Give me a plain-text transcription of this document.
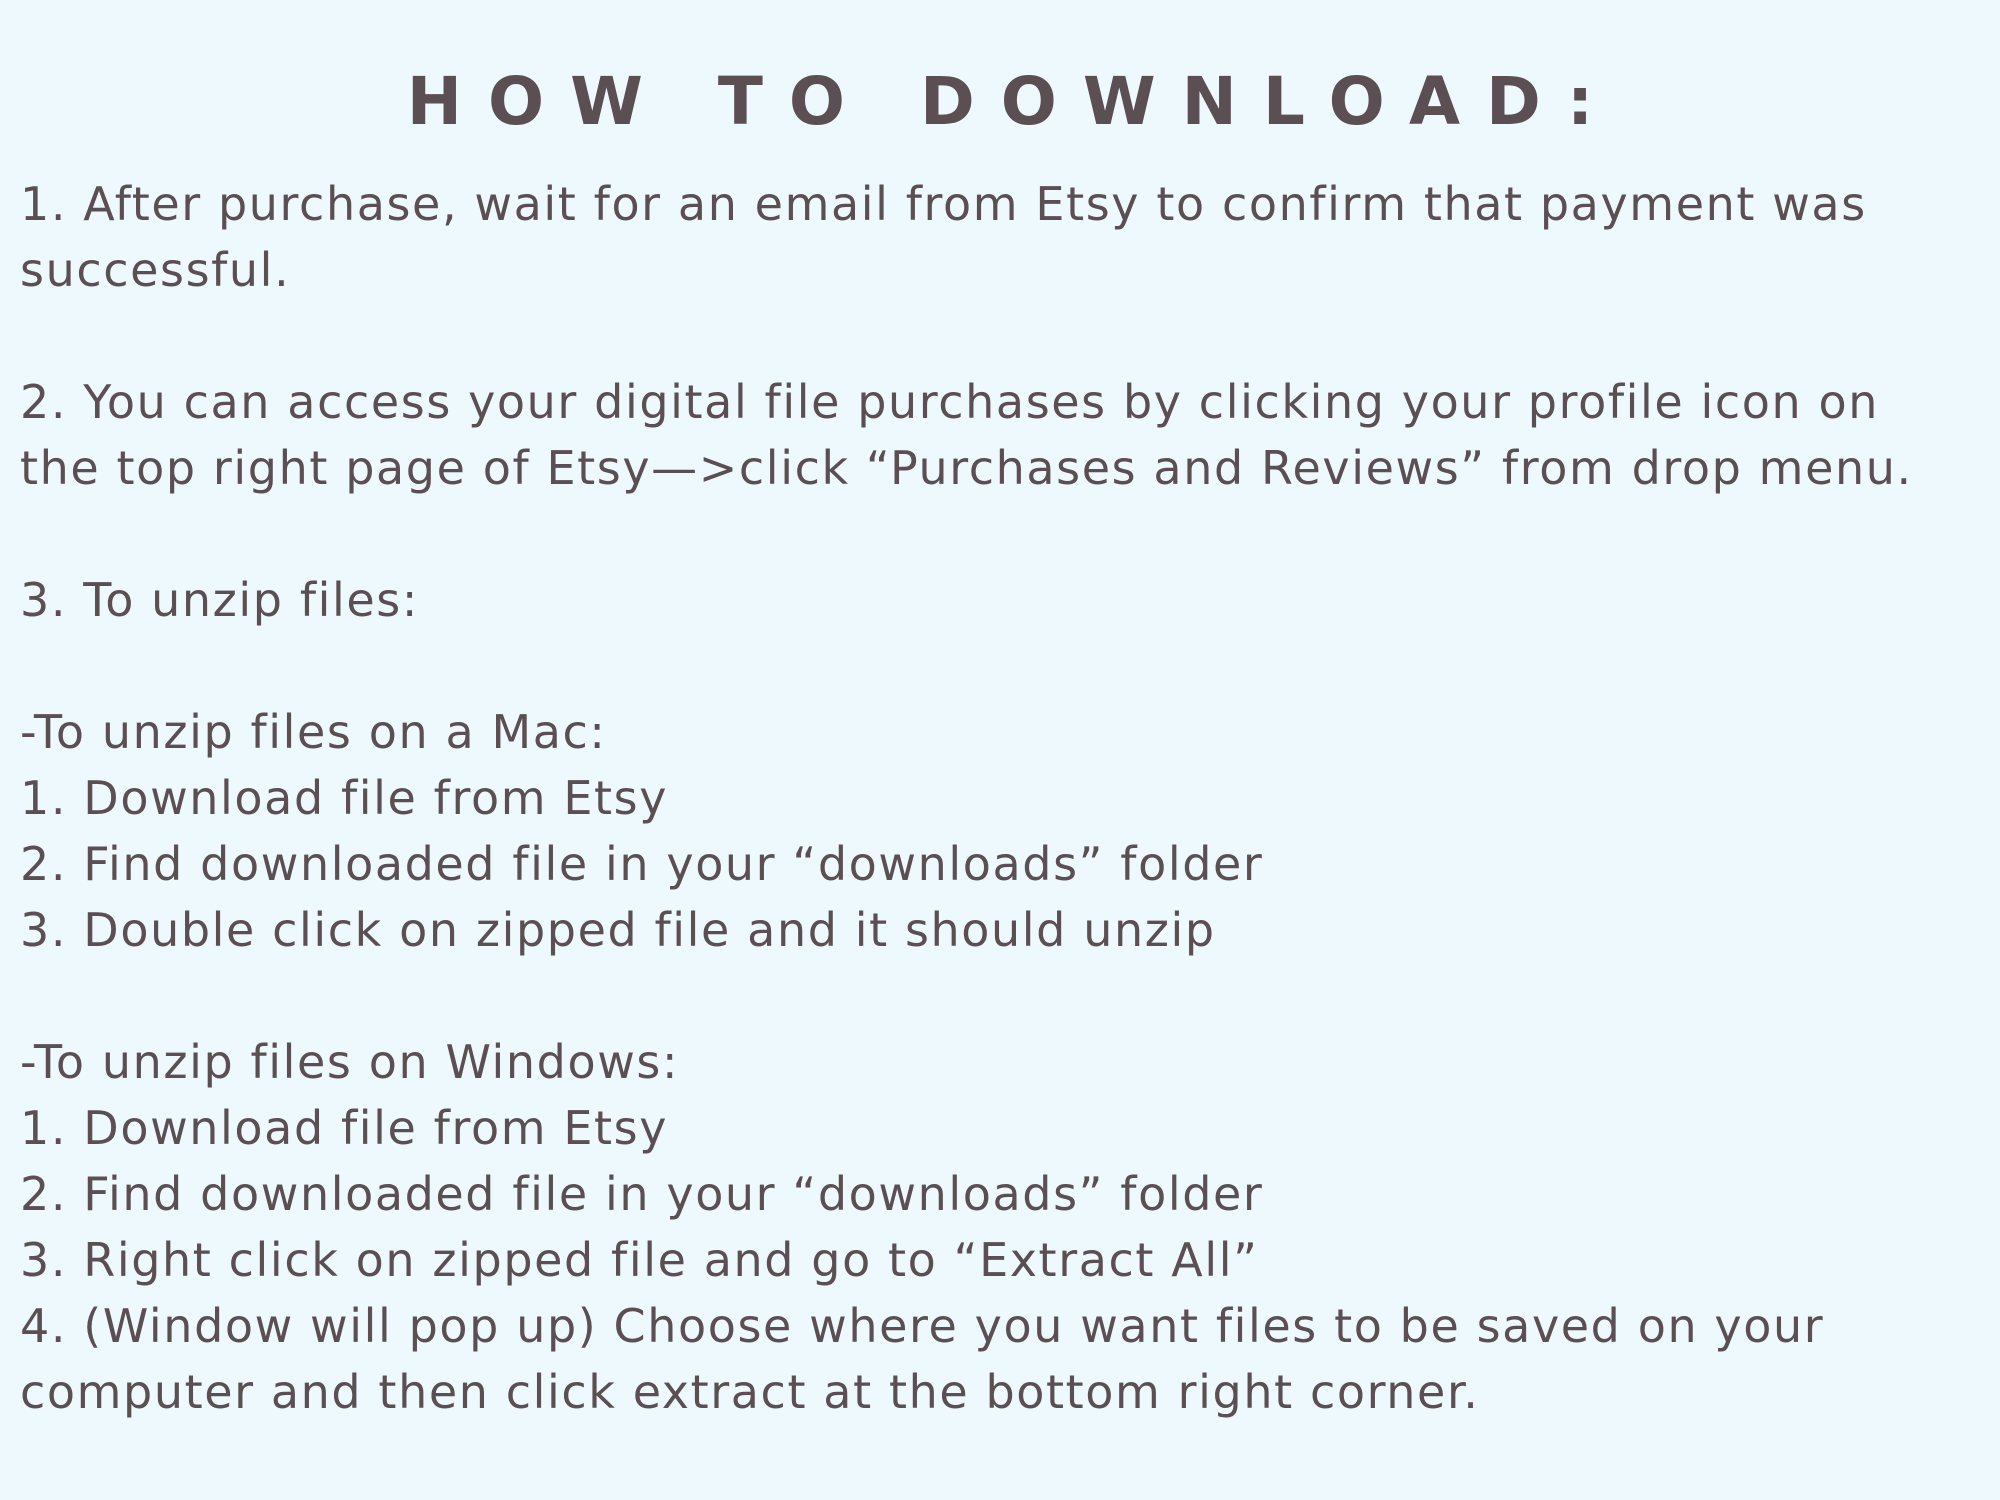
HOW TO DOWNLOAD:

1. After purchase, wait for an email from Etsy to confirm that payment was

successful.

2. You can access your digital file purchases by clicking your profile icon on

the top right page of Etsy—>click “Purchases and Reviews” from drop menu.

3. To unzip files:

-To unzip files on a Mac:

1. Download file from Etsy

2. Find downloaded file in your “downloads” folder

3. Double click on zipped file and it should unzip

-To unzip files on Windows:

1. Download file from Etsy

2. Find downloaded file in your “downloads” folder

3. Right click on zipped file and go to “Extract All”

4. (Window will pop up) Choose where you want files to be saved on your

computer and then click extract at the bottom right corner.
